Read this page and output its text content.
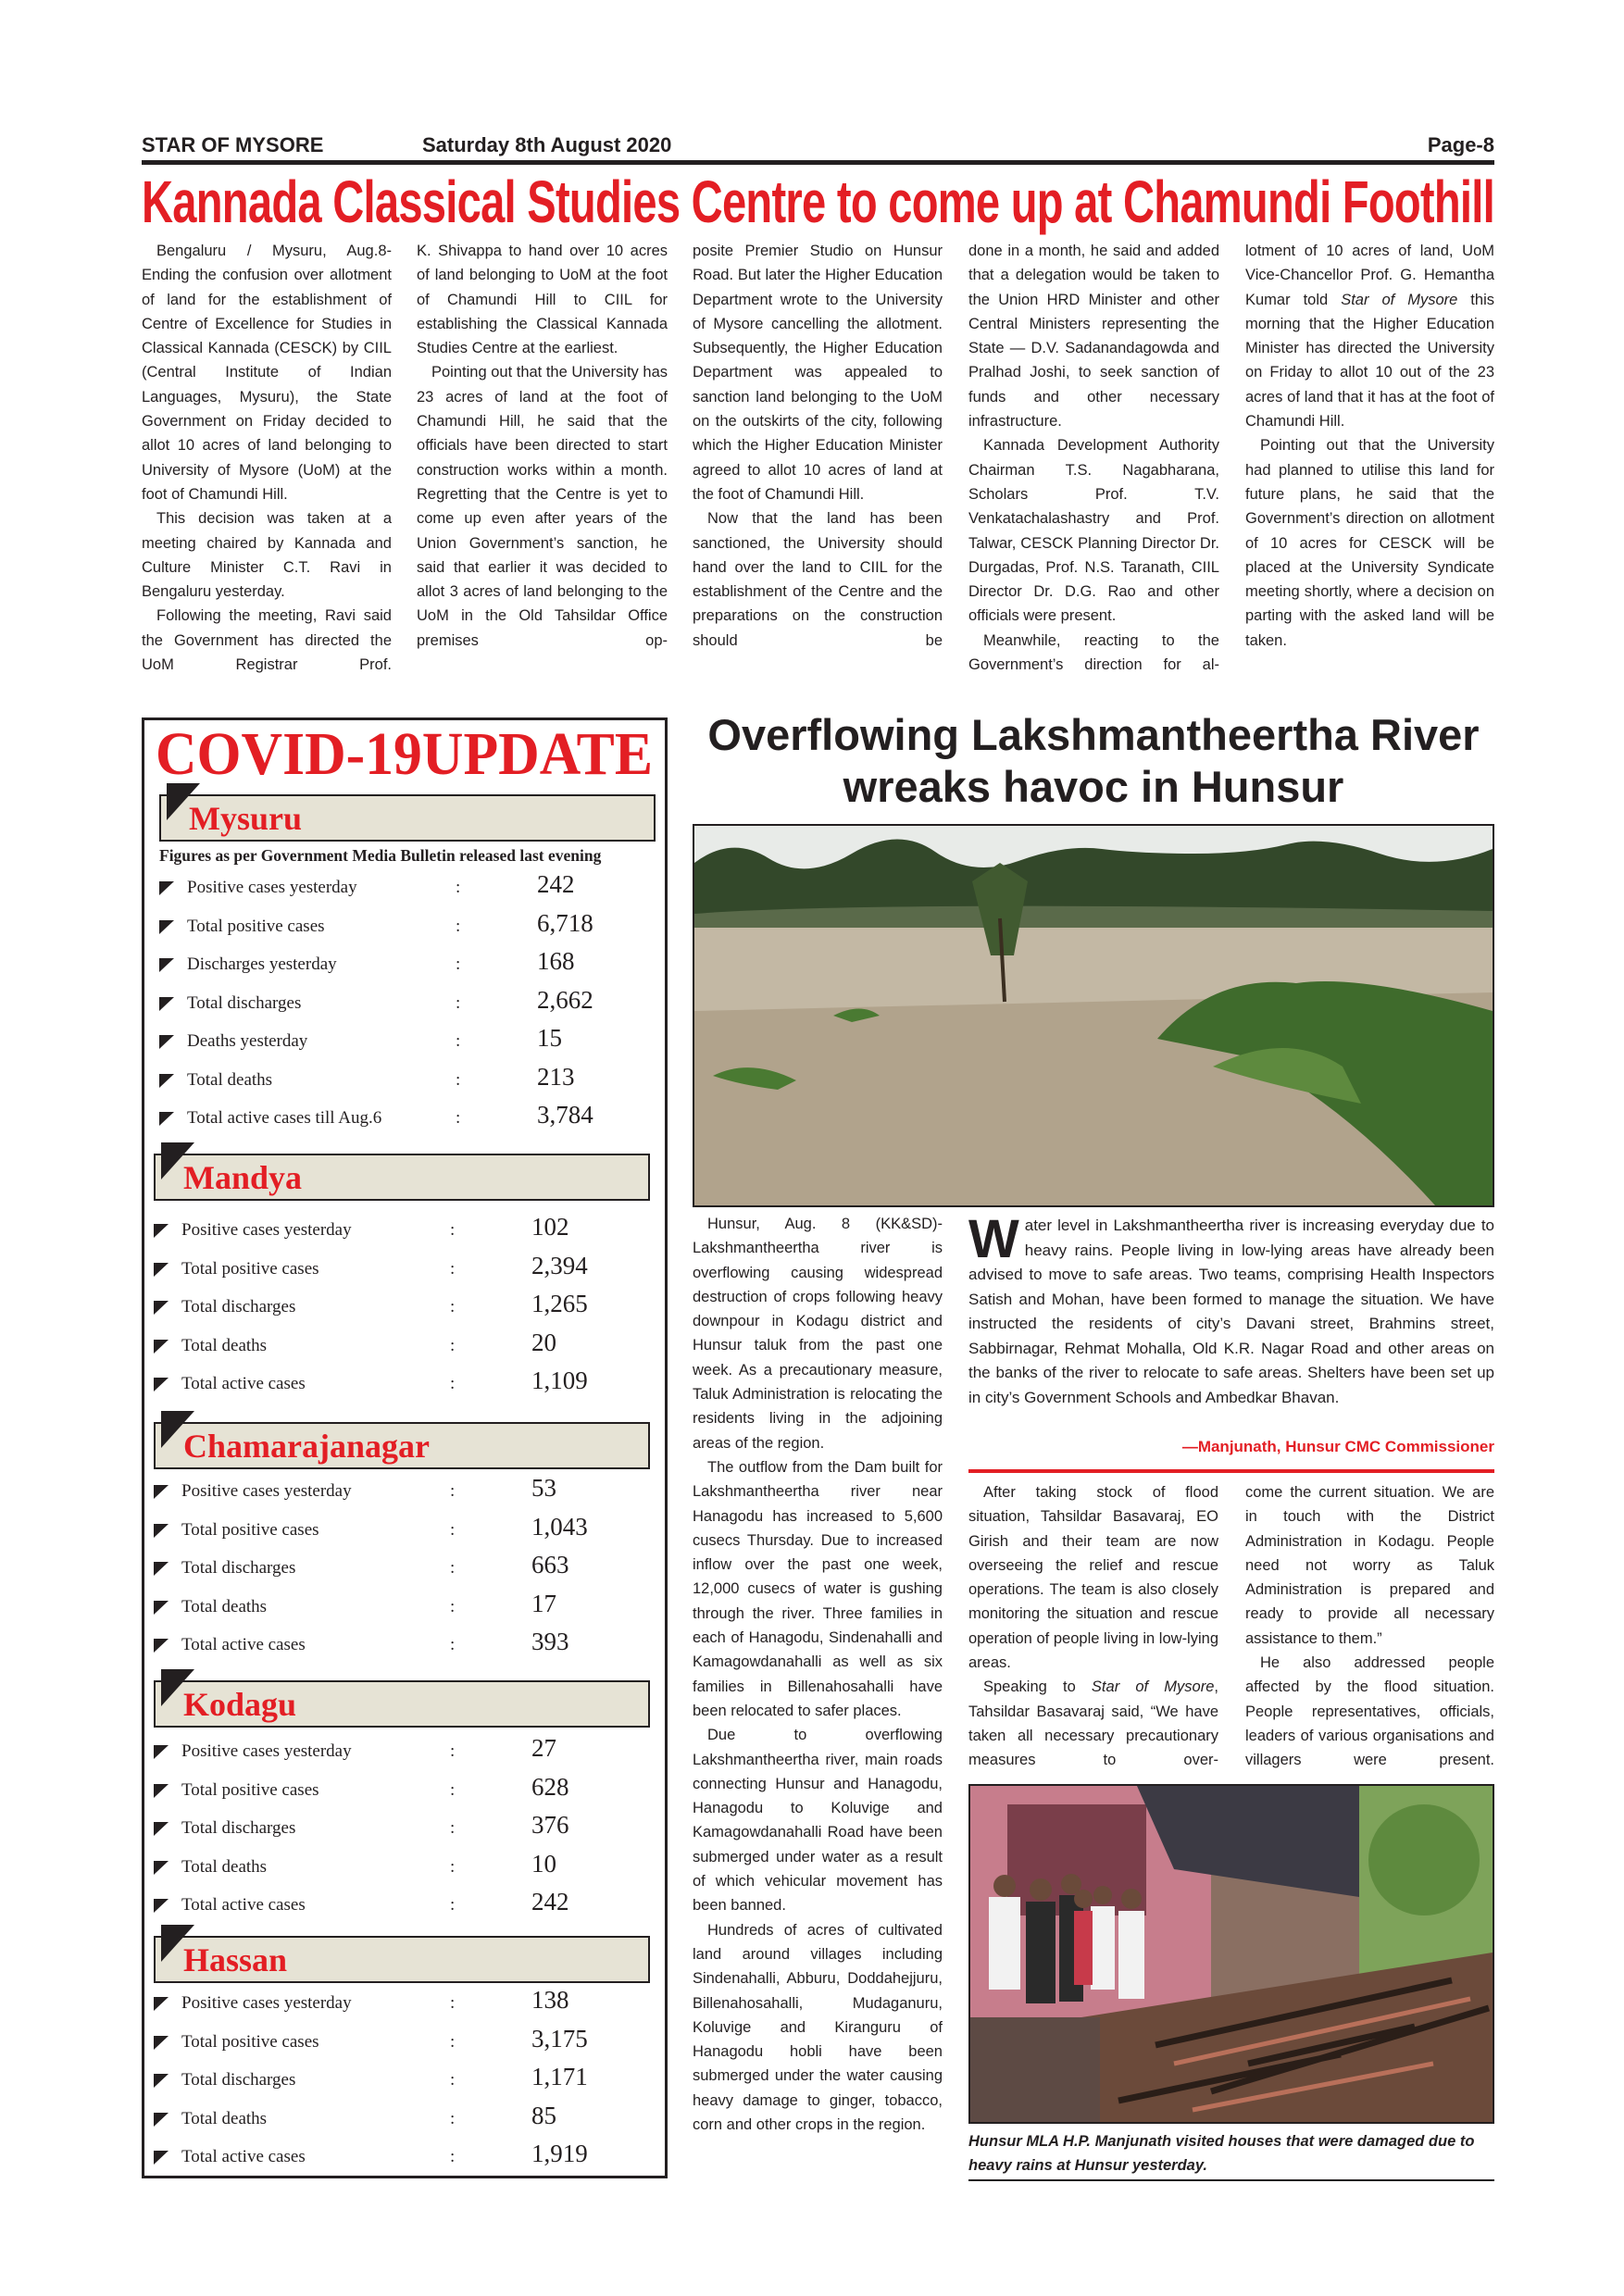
STAR OF MYSORE	Saturday 8th August 2020	Page-8
Kannada Classical Studies Centre to come up at Chamundi Foothill

Bengaluru / Mysuru, Aug.8- Ending the confusion over allotment of land for the establishment of Centre of Excellence for Studies in Classical Kannada (CESCK) by CIIL (Central Institute of Indian Languages, Mysuru), the State Government on Friday decided to allot 10 acres of land belonging to University of Mysore (UoM) at the foot of Chamundi Hill.

This decision was taken at a meeting chaired by Kannada and Culture Minister C.T. Ravi in Bengaluru yesterday.

Following the meeting, Ravi said the Government has directed the UoM Registrar Prof.

K. Shivappa to hand over 10 acres of land belonging to UoM at the foot of Chamundi Hill to CIIL for establishing the Classical Kannada Studies Centre at the earliest.

Pointing out that the University has 23 acres of land at the foot of Chamundi Hill, he said that the officials have been directed to start construction works within a month. Regretting that the Centre is yet to come up even after years of the Union Government’s sanction, he said that earlier it was decided to allot 3 acres of land belonging to the UoM in the Old Tahsildar Office premises op-

posite Premier Studio on Hunsur Road. But later the Higher Education Department wrote to the University of Mysore cancelling the allotment. Subsequently, the Higher Education Department was appealed to sanction land belonging to the UoM on the outskirts of the city, following which the Higher Education Minister agreed to allot 10 acres of land at the foot of Chamundi Hill.

Now that the land has been sanctioned, the University should hand over the land to CIIL for the establishment of the Centre and the preparations on the construction should be

done in a month, he said and added that a delegation would be taken to the Union HRD Minister and other Central Ministers representing the State — D.V. Sadanandagowda and Pralhad Joshi, to seek sanction of funds and other necessary infrastructure.

Kannada Development Authority Chairman T.S. Nagabharana, Scholars Prof. T.V. Venkatachalashastry and Prof. Talwar, CESCK Planning Director Dr. Durgadas, Prof. N.S. Taranath, CIIL Director Dr. D.G. Rao and other officials were present.

Meanwhile, reacting to the Government’s direction for al-

lotment of 10 acres of land, UoM Vice-Chancellor Prof. G. Hemantha Kumar told Star of Mysore this morning that the Higher Education Minister has directed the University on Friday to allot 10 out of the 23 acres of land that it has at the foot of Chamundi Hill.

Pointing out that the University had planned to utilise this land for future plans, he said that the Government’s direction on allotment of 10 acres for CESCK will be placed at the University Syndicate meeting shortly, where a decision on parting with the asked land will be taken.

COVID-19UPDATE
Figures as per Government Media Bulletin released last evening
Mysuru
Positive cases yesterday	:	242
Total positive cases	:	6,718
Discharges yesterday	:	168
Total discharges	:	2,662
Deaths yesterday	:	15
Total deaths	:	213
Total active cases till Aug.6	:	3,784
Mandya
Positive cases yesterday	:	102
Total positive cases	:	2,394
Total discharges	:	1,265
Total deaths	:	20
Total active cases	:	1,109
Chamarajanagar
Positive cases yesterday	:	53
Total positive cases	:	1,043
Total discharges	:	663
Total deaths	:	17
Total active cases	:	393
Kodagu
Positive cases yesterday	:	27
Total positive cases	:	628
Total discharges	:	376
Total deaths	:	10
Total active cases	:	242
Hassan
Positive cases yesterday	:	138
Total positive cases	:	3,175
Total discharges	:	1,171
Total deaths	:	85
Total active cases	:	1,919
Overflowing Lakshmantheertha River wreaks havoc in Hunsur

Hunsur, Aug. 8 (KK&SD)- Lakshmantheertha river is overflowing causing widespread destruction of crops following heavy downpour in Kodagu district and Hunsur taluk from the past one week. As a precautionary measure, Taluk Administration is relocating the residents living in the adjoining areas of the region.

The outflow from the Dam built for Lakshmantheertha river near Hanagodu has increased to 5,600 cusecs Thursday. Due to increased inflow over the past one week, 12,000 cusecs of water is gushing through the river. Three families in each of Hanagodu, Sindenahalli and Kamagowdanahalli as well as six families in Billenahosahalli have been relocated to safer places.

Due to overflowing Lakshmantheertha river, main roads connecting Hunsur and Hanagodu, Hanagodu to Koluvige and Kamagowdanahalli Road have been submerged under water as a result of which vehicular movement has been banned.

Hundreds of acres of cultivated land around villages including Sindenahalli, Abburu, Doddahejjuru, Billenahosahalli, Mudaganuru, Koluvige and Kiranguru of Hanagodu hobli have been submerged under the water causing heavy damage to ginger, tobacco, corn and other crops in the region.

Water level in Lakshmantheertha river is increasing everyday due to heavy rains. People living in low-lying areas have already been advised to move to safe areas. Two teams, comprising Health Inspectors Satish and Mohan, have been formed to manage the situation. We have instructed the residents of city’s Davani street, Brahmins street, Sabbirnagar, Rehmat Mohalla, Old K.R. Nagar Road and other areas on the banks of the river to relocate to safe areas. Shelters have been set up in city’s Government Schools and Ambedkar Bhavan.
—Manjunath, Hunsur CMC Commissioner

After taking stock of flood situation, Tahsildar Basavaraj, EO Girish and their team are now overseeing the relief and rescue operations. The team is also closely monitoring the situation and rescue operation of people living in low-lying areas.

Speaking to Star of Mysore, Tahsildar Basavaraj said, “We have taken all necessary precautionary measures to over-

come the current situation. We are in touch with the District Administration in Kodagu. People need not worry as Taluk Administration is prepared and ready to provide all necessary assistance to them.”

He also addressed people affected by the flood situation. People representatives, officials, leaders of various organisations and villagers were present.

Hunsur MLA H.P. Manjunath visited houses that were damaged due to heavy rains at Hunsur yesterday.
